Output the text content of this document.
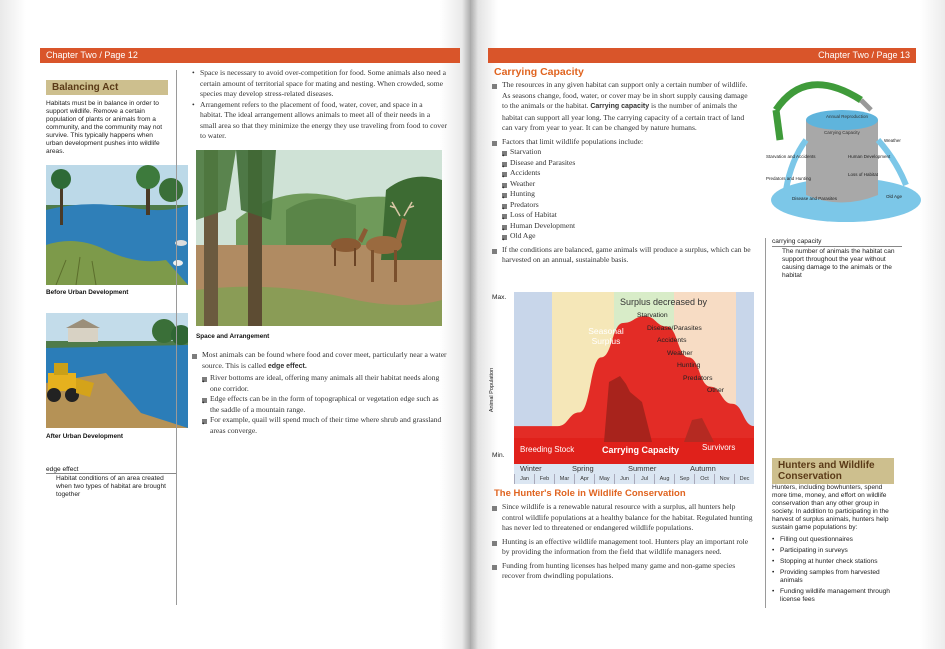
Chapter Two / Page 12
Balancing Act
Habitats must be in balance in order to support wildlife. Remove a certain population of plants or animals from a community, and the community may not survive. This typically happens when urban development pushes into wildlife areas.
Before Urban Development
After Urban Development
edge effect
Habitat conditions of an area created when two types of habitat are brought together
• Space is necessary to avoid over-competition for food. Some animals also need a certain amount of territorial space for mating and nesting. When crowded, some species may develop stress-related diseases.
• Arrangement refers to the placement of food, water, cover, and space in a habitat. The ideal arrangement allows animals to meet all of their needs in a small area so that they minimize the energy they use traveling from food to cover to water.
Space and Arrangement
Most animals can be found where food and cover meet, particularly near a water source. This is called edge effect.
• River bottoms are ideal, offering many animals all their habitat needs along one corridor.
• Edge effects can be in the form of topographical or vegetation edge such as the saddle of a mountain range.
• For example, quail will spend much of their time where shrub and grassland areas converge.
Chapter Two / Page 13
Carrying Capacity
The resources in any given habitat can support only a certain number of wildlife. As seasons change, food, water, or cover may be in short supply causing damage to the animals or the habitat. Carrying capacity is the number of animals the habitat can support all year long. The carrying capacity of a certain tract of land can vary from year to year. It can be changed by nature humans.
Factors that limit wildlife populations include:
• Starvation
• Disease and Parasites
• Accidents
• Weather
• Hunting
• Predators
• Loss of Habitat
• Human Development
• Old Age
If the conditions are balanced, game animals will produce a surplus, which can be harvested on an annual, sustainable basis.
Annual Reproduction
Carrying Capacity
Starvation and Accidents	Human Development
Weather
Loss of Habitat
Predators and Hunting
Disease and Parasites	Old Age
carrying capacity
The number of animals the habitat can support throughout the year without causing damage to the animals or the habitat
Max.
Min.
Animal Population
Surplus decreased by
Starvation
Disease/Parasites
Accidents
Weather
Hunting
Predators
Other
Seasonal Surplus
Breeding Stock	Carrying Capacity	Survivors
Winter	Spring	Summer	Autumn
Jan	Feb	Mar	Apr	May	Jun	Jul	Aug	Sep	Oct	Nov	Dec
The Hunter's Role in Wildlife Conservation
Since wildlife is a renewable natural resource with a surplus, all hunters help control wildlife populations at a healthy balance for the habitat. Regulated hunting has never led to threatened or endangered wildlife populations.
Hunting is an effective wildlife management tool. Hunters play an important role by providing the information from the field that wildlife managers need.
Funding from hunting licenses has helped many game and non-game species recover from dwindling populations.
Hunters and Wildlife Conservation
Hunters, including bowhunters, spend more time, money, and effort on wildlife conservation than any other group in society. In addition to participating in the harvest of surplus animals, hunters help sustain game populations by:
• Filling out questionnaires
• Participating in surveys
• Stopping at hunter check stations
• Providing samples from harvested animals
• Funding wildlife management through license fees
